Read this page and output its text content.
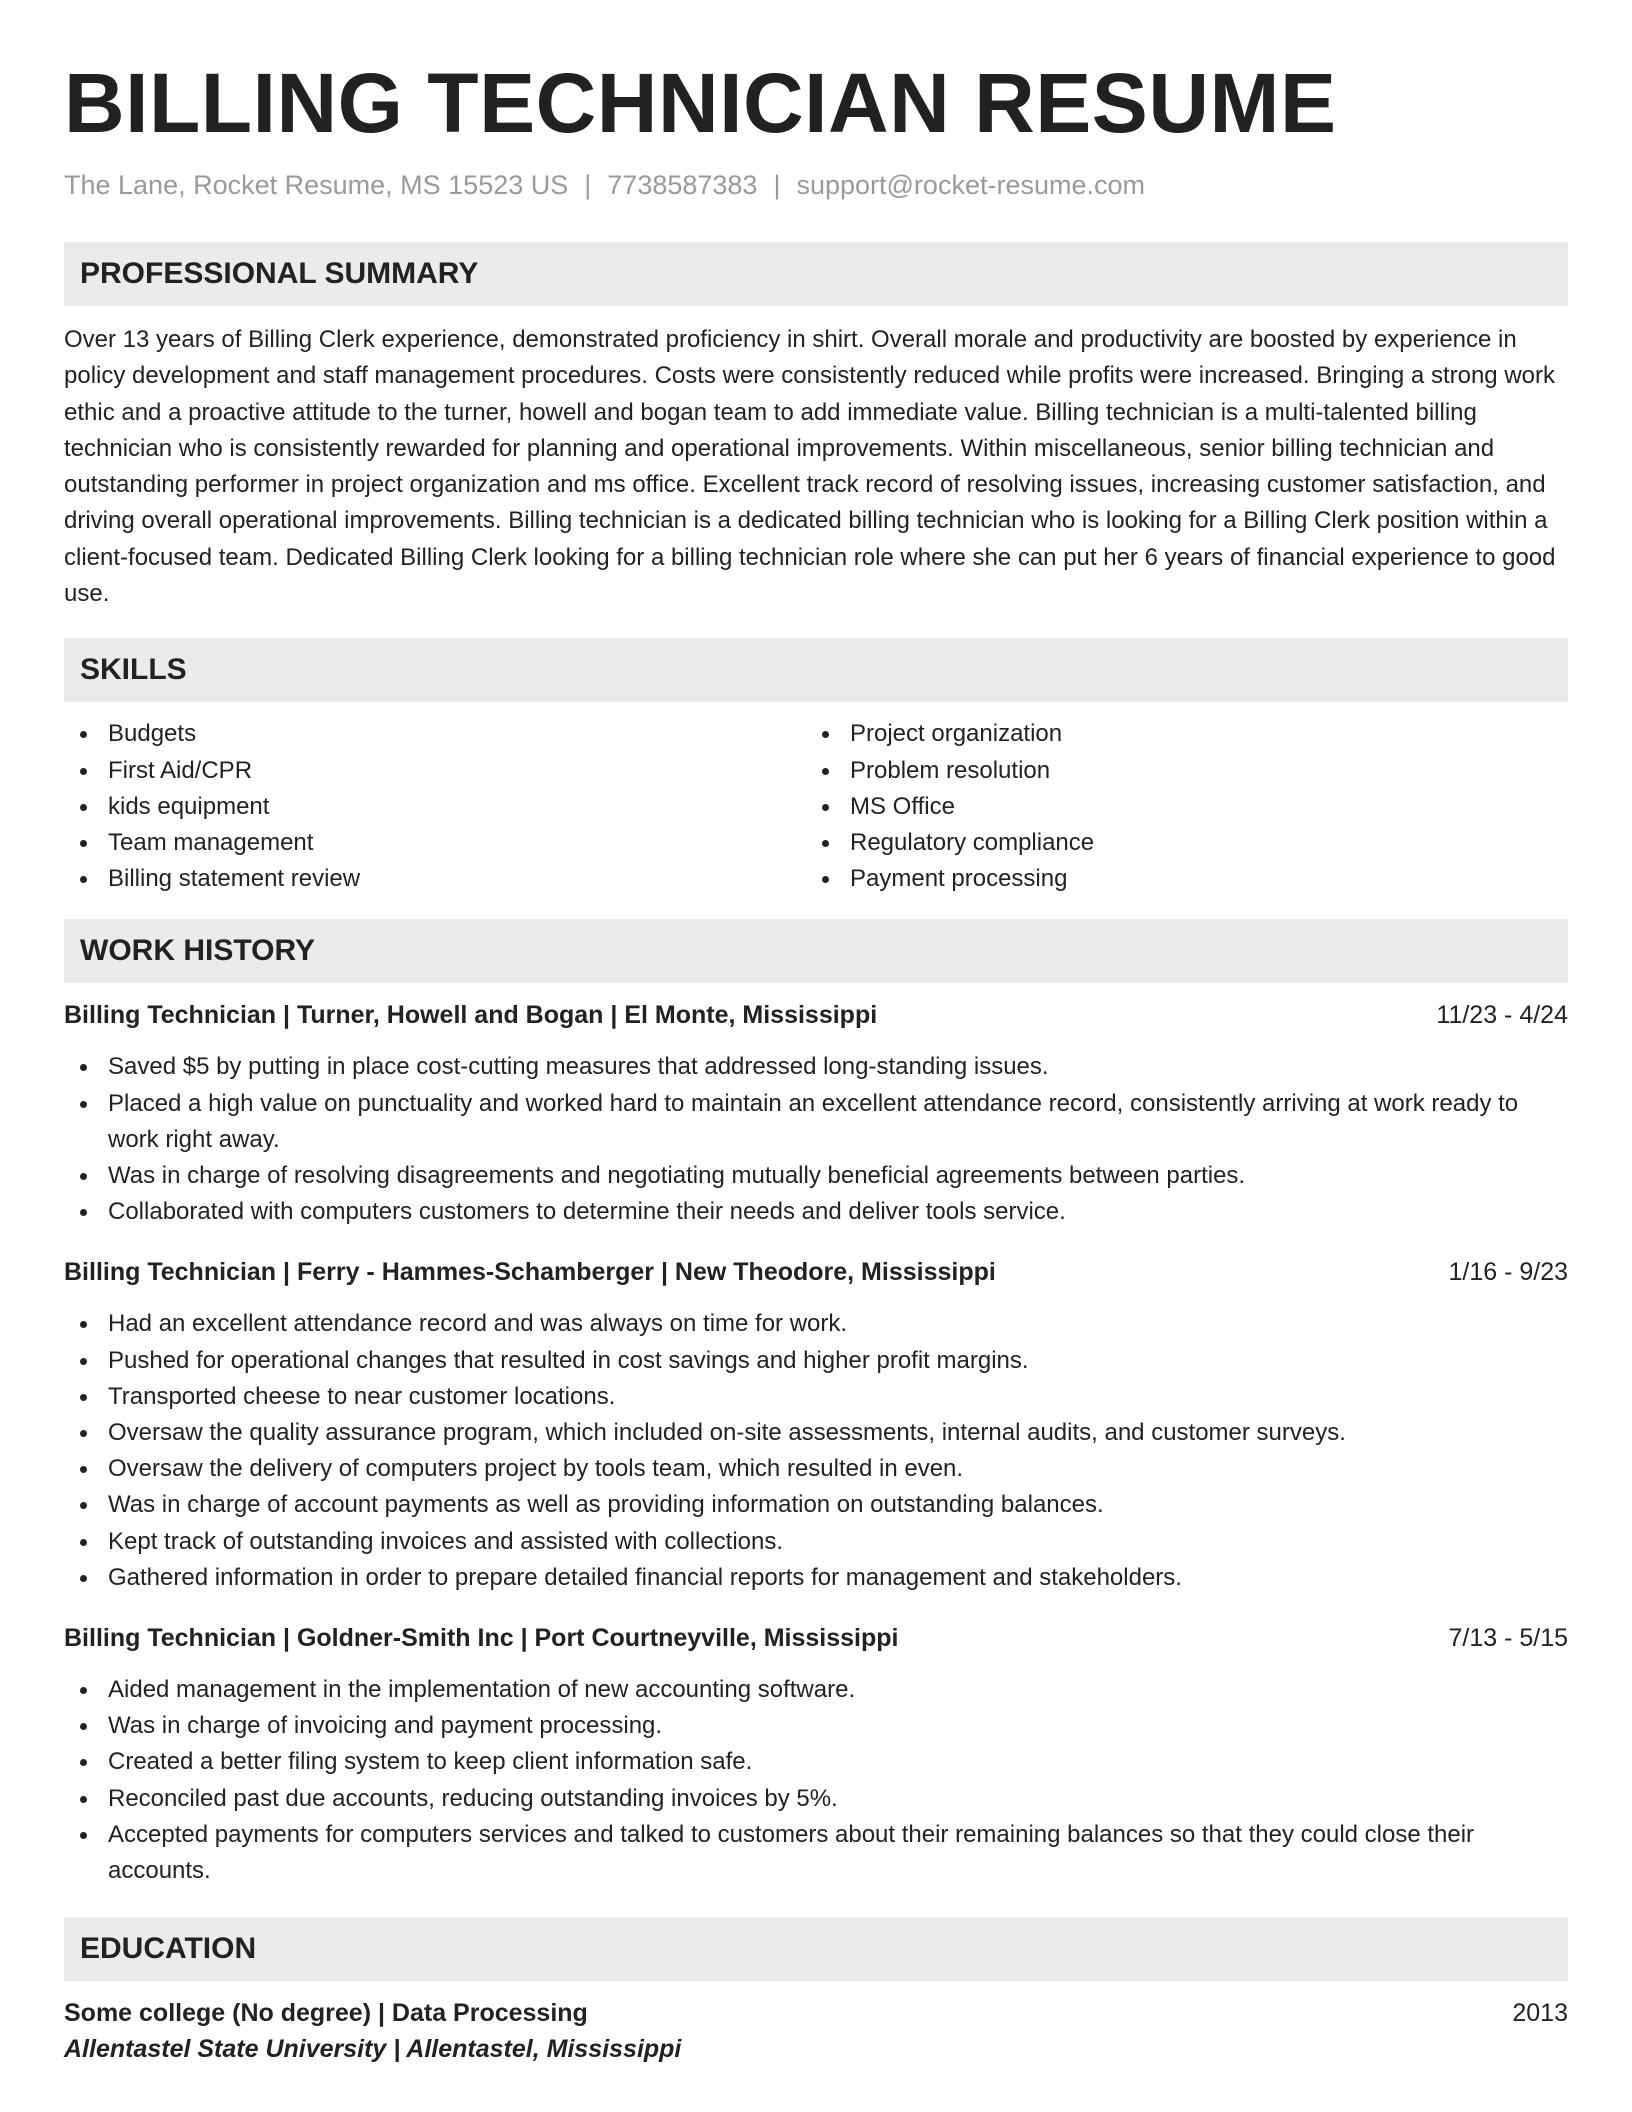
BILLING TECHNICIAN RESUME
The Lane, Rocket Resume, MS 15523 US | 7738587383 | support@rocket-resume.com
PROFESSIONAL SUMMARY

Over 13 years of Billing Clerk experience, demonstrated proficiency in shirt. Overall morale and productivity are boosted by experience in policy development and staff management procedures. Costs were consistently reduced while profits were increased. Bringing a strong work ethic and a proactive attitude to the turner, howell and bogan team to add immediate value. Billing technician is a multi-talented billing technician who is consistently rewarded for planning and operational improvements. Within miscellaneous, senior billing technician and outstanding performer in project organization and ms office. Excellent track record of resolving issues, increasing customer satisfaction, and driving overall operational improvements. Billing technician is a dedicated billing technician who is looking for a Billing Clerk position within a client-focused team. Dedicated Billing Clerk looking for a billing technician role where she can put her 6 years of financial experience to good use.

SKILLS
Budgets
First Aid/CPR
kids equipment
Team management
Billing statement review
Project organization
Problem resolution
MS Office
Regulatory compliance
Payment processing
WORK HISTORY
Billing Technician | Turner, Howell and Bogan | El Monte, Mississippi	11/23 - 4/24
Saved $5 by putting in place cost-cutting measures that addressed long-standing issues.
Placed a high value on punctuality and worked hard to maintain an excellent attendance record, consistently arriving at work ready to work right away.
Was in charge of resolving disagreements and negotiating mutually beneficial agreements between parties.
Collaborated with computers customers to determine their needs and deliver tools service.
Billing Technician | Ferry - Hammes-Schamberger | New Theodore, Mississippi	1/16 - 9/23
Had an excellent attendance record and was always on time for work.
Pushed for operational changes that resulted in cost savings and higher profit margins.
Transported cheese to near customer locations.
Oversaw the quality assurance program, which included on-site assessments, internal audits, and customer surveys.
Oversaw the delivery of computers project by tools team, which resulted in even.
Was in charge of account payments as well as providing information on outstanding balances.
Kept track of outstanding invoices and assisted with collections.
Gathered information in order to prepare detailed financial reports for management and stakeholders.
Billing Technician | Goldner-Smith Inc | Port Courtneyville, Mississippi	7/13 - 5/15
Aided management in the implementation of new accounting software.
Was in charge of invoicing and payment processing.
Created a better filing system to keep client information safe.
Reconciled past due accounts, reducing outstanding invoices by 5%.
Accepted payments for computers services and talked to customers about their remaining balances so that they could close their accounts.
EDUCATION
Some college (No degree) | Data Processing	2013
Allentastel State University | Allentastel, Mississippi
